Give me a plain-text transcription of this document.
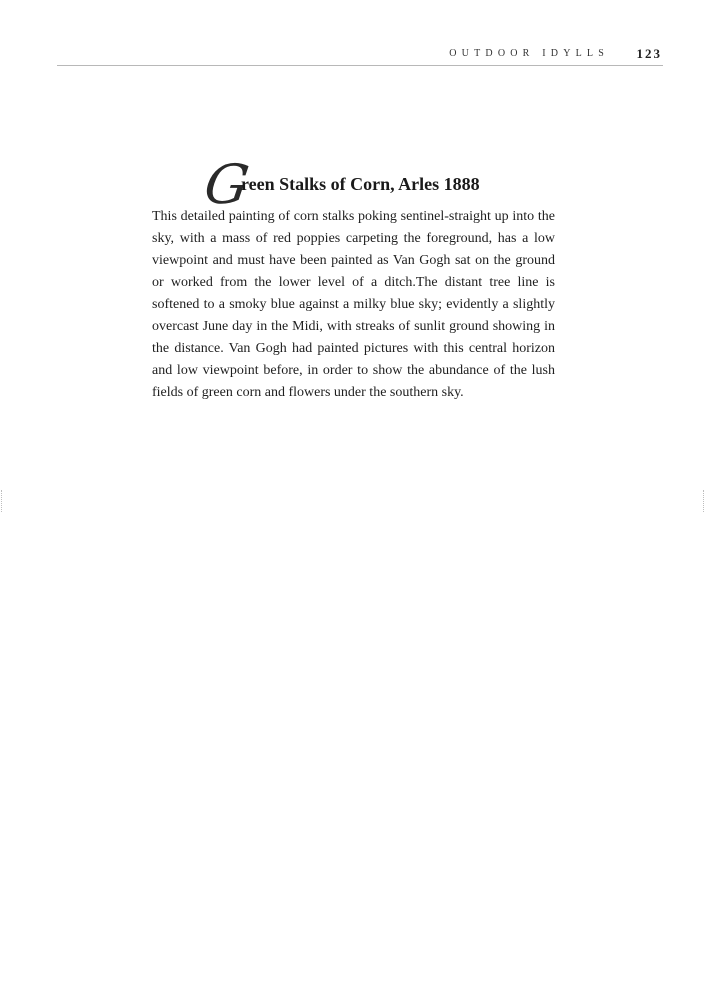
OUTDOOR IDYLLS 123
G
reen Stalks of Corn, Arles 1888

This detailed painting of corn stalks poking sentinel-straight up into the sky, with a mass of red poppies carpeting the foreground, has a low viewpoint and must have been painted as Van Gogh sat on the ground or worked from the lower level of a ditch.The distant tree line is softened to a smoky blue against a milky blue sky; evidently a slightly overcast June day in the Midi, with streaks of sunlit ground showing in the distance. Van Gogh had painted pictures with this central horizon and low viewpoint before, in order to show the abundance of the lush fields of green corn and flowers under the southern sky.
